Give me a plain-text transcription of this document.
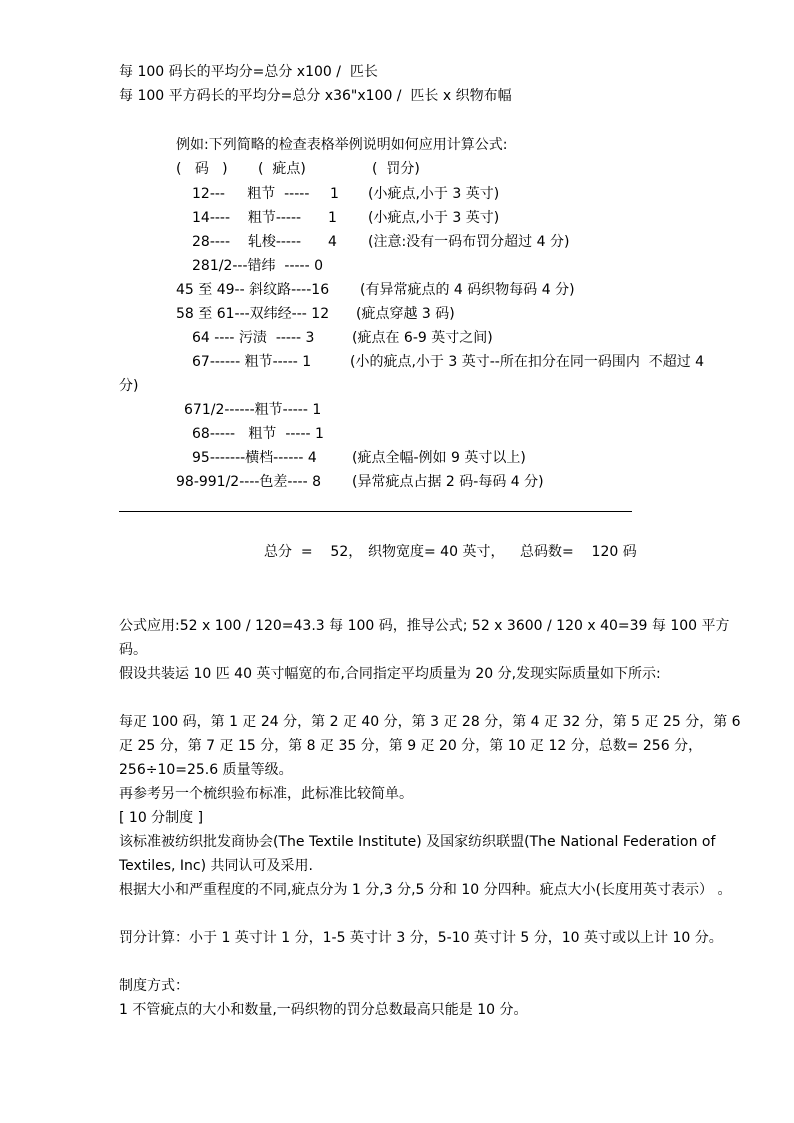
每 100 码长的平均分=总分 x100 /  匹长
每 100 平方码长的平均分=总分 x36"x100 /  匹长 x 织物布幅
例如:下列简略的检查表格举例说明如何应用计算公式:
(   码   ) (  疵点)	(  罚分)
12---     粗节  ----- 1 (小疵点,小于 3 英寸)
14----    粗节----- 1 (小疵点,小于 3 英寸)
28----    轧梭----- 4 (注意:没有一码布罚分超过 4 分)
281/2---错纬  ----- 0
45 至 49-- 斜纹路----16 (有异常疵点的 4 码织物每码 4 分)
58 至 61---双纬经--- 12 (疵点穿越 3 码)
64 ---- 污渍  ----- 3	(疵点在 6-9 英寸之间)
67------ 粗节----- 1	(小的疵点,小于 3 英寸--所在扣分在同一码围内  不超过 4
分)
671/2------粗节----- 1
68-----   粗节  ----- 1
95-------横档------ 4	(疵点全幅-例如 9 英寸以上)
98-991/2----色差---- 8 (异常疵点占据 2 码-每码 4 分)
总分  =    52， 织物宽度= 40 英寸， 总码数=    120 码
公式应用:52 x 100 / 120=43.3 每 100 码，推导公式; 52 x 3600 / 120 x 40=39 每 100 平方码。
假设共装运 10 匹 40 英寸幅宽的布,合同指定平均质量为 20 分,发现实际质量如下所示:
每疋 100 码，第 1 疋 24 分，第 2 疋 40 分，第 3 疋 28 分，第 4 疋 32 分，第 5 疋 25 分，第 6 疋 25 分，第 7 疋 15 分，第 8 疋 35 分，第 9 疋 20 分，第 10 疋 12 分，总数= 256 分，256÷10=25.6 质量等级。
再参考另一个梳织验布标准，此标准比较简单。
[ 10 分制度 ]
该标准被纺织批发商协会(The Textile Institute) 及国家纺织联盟(The National Federation of Textiles, Inc) 共同认可及采用.
根据大小和严重程度的不同,疵点分为 1 分,3 分,5 分和 10 分四种。疵点大小(长度用英寸表示） 。
罚分计算：小于 1 英寸计 1 分，1-5 英寸计 3 分，5-10 英寸计 5 分，10 英寸或以上计 10 分。
制度方式：
1 不管疵点的大小和数量,一码织物的罚分总数最高只能是 10 分。
